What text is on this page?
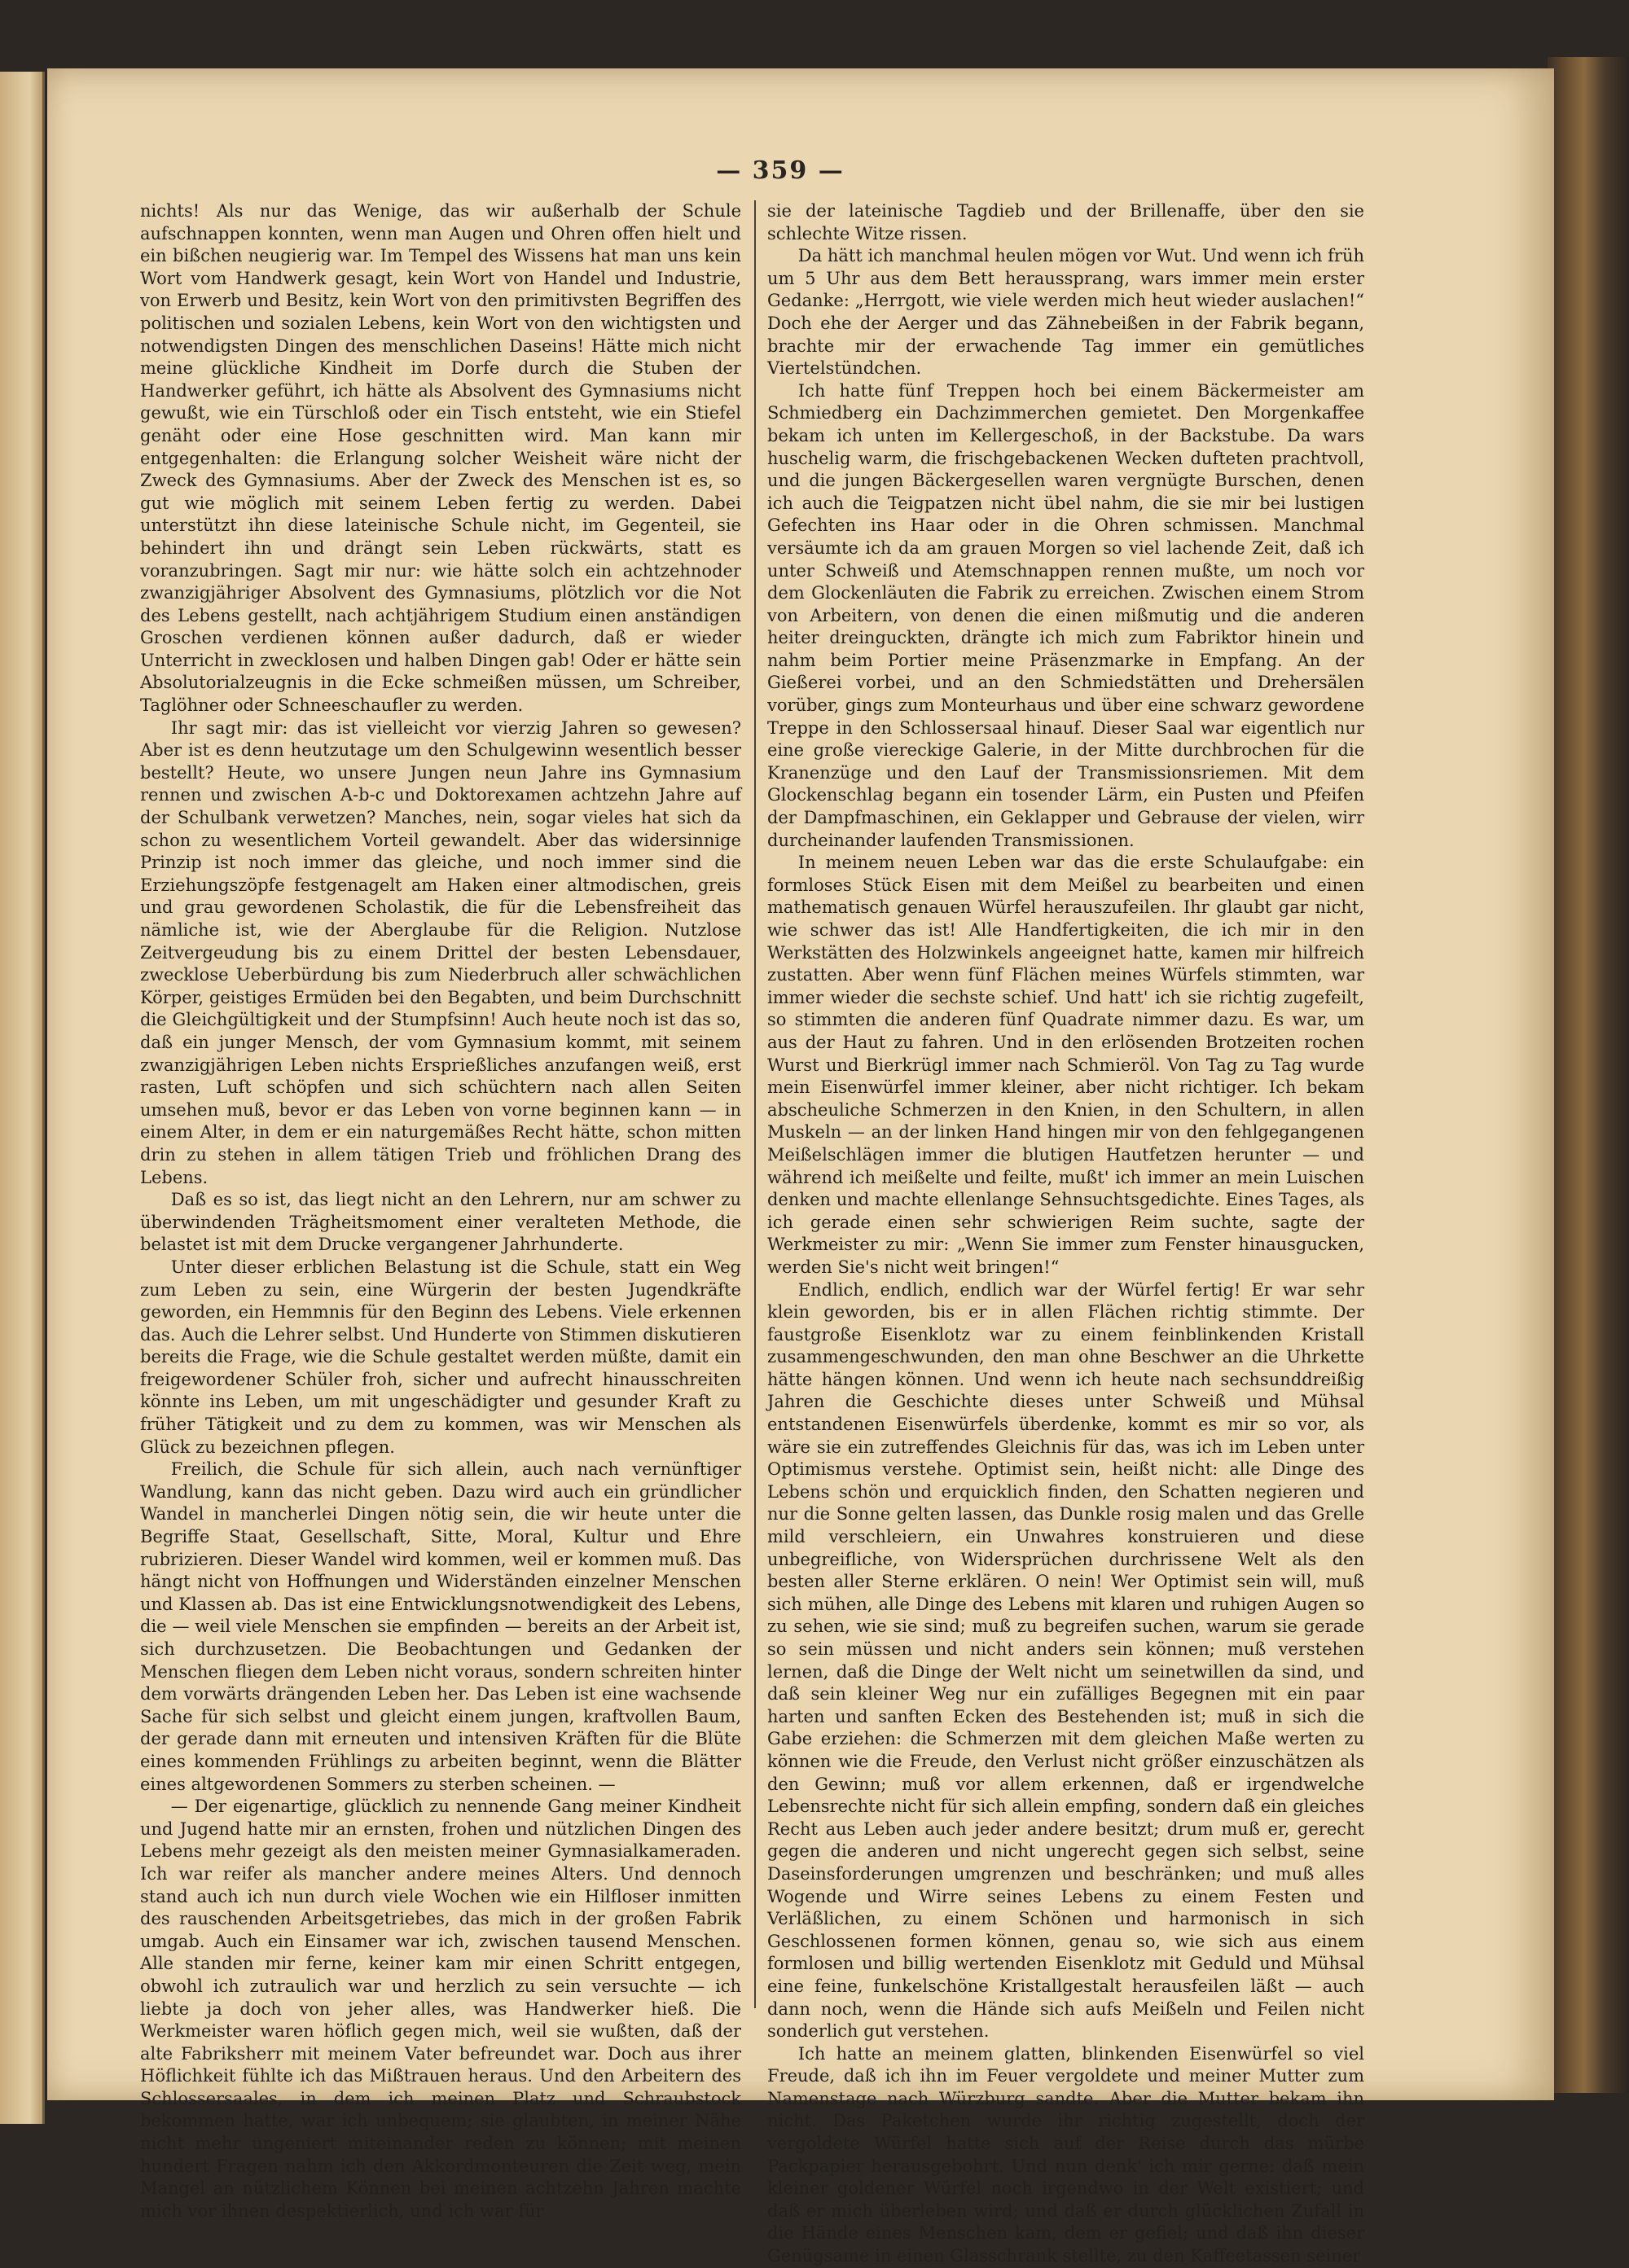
— 359 —

nichts! Als nur das Wenige, das wir außerhalb der Schule aufschnappen konnten, wenn man Augen und Ohren offen hielt und ein bißchen neugierig war. Im Tempel des Wissens hat man uns kein Wort vom Handwerk gesagt, kein Wort von Handel und Industrie, von Erwerb und Besitz, kein Wort von den primitivsten Begriffen des politischen und sozialen Lebens, kein Wort von den wichtigsten und notwendigsten Dingen des menschlichen Daseins! Hätte mich nicht meine glückliche Kindheit im Dorfe durch die Stuben der Handwerker geführt, ich hätte als Absolvent des Gymnasiums nicht gewußt, wie ein Türschloß oder ein Tisch entsteht, wie ein Stiefel genäht oder eine Hose geschnitten wird. Man kann mir entgegenhalten: die Erlangung solcher Weisheit wäre nicht der Zweck des Gymnasiums. Aber der Zweck des Menschen ist es, so gut wie möglich mit seinem Leben fertig zu werden. Dabei unterstützt ihn diese lateinische Schule nicht, im Gegenteil, sie behindert ihn und drängt sein Leben rückwärts, statt es voranzubringen. Sagt mir nur: wie hätte solch ein achtzehnoder zwanzigjähriger Absolvent des Gymnasiums, plötzlich vor die Not des Lebens gestellt, nach achtjährigem Studium einen anständigen Groschen verdienen können außer dadurch, daß er wieder Unterricht in zwecklosen und halben Dingen gab! Oder er hätte sein Absolutorialzeugnis in die Ecke schmeißen müssen, um Schreiber, Taglöhner oder Schneeschaufler zu werden.

Ihr sagt mir: das ist vielleicht vor vierzig Jahren so gewesen? Aber ist es denn heutzutage um den Schulgewinn wesentlich besser bestellt? Heute, wo unsere Jungen neun Jahre ins Gymnasium rennen und zwischen A-b-c und Doktorexamen achtzehn Jahre auf der Schulbank verwetzen? Manches, nein, sogar vieles hat sich da schon zu wesentlichem Vorteil gewandelt. Aber das widersinnige Prinzip ist noch immer das gleiche, und noch immer sind die Erziehungszöpfe festgenagelt am Haken einer altmodischen, greis und grau gewordenen Scholastik, die für die Lebensfreiheit das nämliche ist, wie der Aberglaube für die Religion. Nutzlose Zeitvergeudung bis zu einem Drittel der besten Lebensdauer, zwecklose Ueberbürdung bis zum Niederbruch aller schwächlichen Körper, geistiges Ermüden bei den Begabten, und beim Durchschnitt die Gleichgültigkeit und der Stumpfsinn! Auch heute noch ist das so, daß ein junger Mensch, der vom Gymnasium kommt, mit seinem zwanzigjährigen Leben nichts Ersprießliches anzufangen weiß, erst rasten, Luft schöpfen und sich schüchtern nach allen Seiten umsehen muß, bevor er das Leben von vorne beginnen kann — in einem Alter, in dem er ein naturgemäßes Recht hätte, schon mitten drin zu stehen in allem tätigen Trieb und fröhlichen Drang des Lebens.

Daß es so ist, das liegt nicht an den Lehrern, nur am schwer zu überwindenden Trägheitsmoment einer veralteten Methode, die belastet ist mit dem Drucke vergangener Jahrhunderte.

Unter dieser erblichen Belastung ist die Schule, statt ein Weg zum Leben zu sein, eine Würgerin der besten Jugendkräfte geworden, ein Hemmnis für den Beginn des Lebens. Viele erkennen das. Auch die Lehrer selbst. Und Hunderte von Stimmen diskutieren bereits die Frage, wie die Schule gestaltet werden müßte, damit ein freigewordener Schüler froh, sicher und aufrecht hinausschreiten könnte ins Leben, um mit ungeschädigter und gesunder Kraft zu früher Tätigkeit und zu dem zu kommen, was wir Menschen als Glück zu bezeichnen pflegen.

Freilich, die Schule für sich allein, auch nach vernünftiger Wandlung, kann das nicht geben. Dazu wird auch ein gründlicher Wandel in mancherlei Dingen nötig sein, die wir heute unter die Begriffe Staat, Gesellschaft, Sitte, Moral, Kultur und Ehre rubrizieren. Dieser Wandel wird kommen, weil er kommen muß. Das hängt nicht von Hoffnungen und Widerständen einzelner Menschen und Klassen ab. Das ist eine Entwicklungsnotwendigkeit des Lebens, die — weil viele Menschen sie empfinden — bereits an der Arbeit ist, sich durchzusetzen. Die Beobachtungen und Gedanken der Menschen fliegen dem Leben nicht voraus, sondern schreiten hinter dem vorwärts drängenden Leben her. Das Leben ist eine wachsende Sache für sich selbst und gleicht einem jungen, kraftvollen Baum, der gerade dann mit erneuten und intensiven Kräften für die Blüte eines kommenden Frühlings zu arbeiten beginnt, wenn die Blätter eines altgewordenen Sommers zu sterben scheinen. —

— Der eigenartige, glücklich zu nennende Gang meiner Kindheit und Jugend hatte mir an ernsten, frohen und nützlichen Dingen des Lebens mehr gezeigt als den meisten meiner Gymnasialkameraden. Ich war reifer als mancher andere meines Alters. Und dennoch stand auch ich nun durch viele Wochen wie ein Hilfloser inmitten des rauschenden Arbeitsgetriebes, das mich in der großen Fabrik umgab. Auch ein Einsamer war ich, zwischen tausend Menschen. Alle standen mir ferne, keiner kam mir einen Schritt entgegen, obwohl ich zutraulich war und herzlich zu sein versuchte — ich liebte ja doch von jeher alles, was Handwerker hieß. Die Werkmeister waren höflich gegen mich, weil sie wußten, daß der alte Fabriksherr mit meinem Vater befreundet war. Doch aus ihrer Höflichkeit fühlte ich das Mißtrauen heraus. Und den Arbeitern des Schlossersaales, in dem ich meinen Platz und Schraubstock bekommen hatte, war ich unbequem; sie glaubten, in meiner Nähe nicht mehr ungeniert miteinander reden zu können; mit meinen hundert Fragen nahm ich den Akkordmonteuren die Zeit weg, mein Mangel an nützlichem Können bei meinen achtzehn Jahren machte mich vor ihnen despektierlich, und ich war für

sie der lateinische Tagdieb und der Brillenaffe, über den sie schlechte Witze rissen.

Da hätt ich manchmal heulen mögen vor Wut. Und wenn ich früh um 5 Uhr aus dem Bett heraussprang, wars immer mein erster Gedanke: „Herrgott, wie viele werden mich heut wieder auslachen!“ Doch ehe der Aerger und das Zähnebeißen in der Fabrik begann, brachte mir der erwachende Tag immer ein gemütliches Viertelstündchen.

Ich hatte fünf Treppen hoch bei einem Bäckermeister am Schmiedberg ein Dachzimmerchen gemietet. Den Morgenkaffee bekam ich unten im Kellergeschoß, in der Backstube. Da wars huschelig warm, die frischgebackenen Wecken dufteten prachtvoll, und die jungen Bäckergesellen waren vergnügte Burschen, denen ich auch die Teigpatzen nicht übel nahm, die sie mir bei lustigen Gefechten ins Haar oder in die Ohren schmissen. Manchmal versäumte ich da am grauen Morgen so viel lachende Zeit, daß ich unter Schweiß und Atemschnappen rennen mußte, um noch vor dem Glockenläuten die Fabrik zu erreichen. Zwischen einem Strom von Arbeitern, von denen die einen mißmutig und die anderen heiter dreinguckten, drängte ich mich zum Fabriktor hinein und nahm beim Portier meine Präsenzmarke in Empfang. An der Gießerei vorbei, und an den Schmiedstätten und Drehersälen vorüber, gings zum Monteurhaus und über eine schwarz gewordene Treppe in den Schlossersaal hinauf. Dieser Saal war eigentlich nur eine große viereckige Galerie, in der Mitte durchbrochen für die Kranenzüge und den Lauf der Transmissionsriemen. Mit dem Glockenschlag begann ein tosender Lärm, ein Pusten und Pfeifen der Dampfmaschinen, ein Geklapper und Gebrause der vielen, wirr durcheinander laufenden Transmissionen.

In meinem neuen Leben war das die erste Schulaufgabe: ein formloses Stück Eisen mit dem Meißel zu bearbeiten und einen mathematisch genauen Würfel herauszufeilen. Ihr glaubt gar nicht, wie schwer das ist! Alle Handfertigkeiten, die ich mir in den Werkstätten des Holzwinkels angeeignet hatte, kamen mir hilfreich zustatten. Aber wenn fünf Flächen meines Würfels stimmten, war immer wieder die sechste schief. Und hatt' ich sie richtig zugefeilt, so stimmten die anderen fünf Quadrate nimmer dazu. Es war, um aus der Haut zu fahren. Und in den erlösenden Brotzeiten rochen Wurst und Bierkrügl immer nach Schmieröl. Von Tag zu Tag wurde mein Eisenwürfel immer kleiner, aber nicht richtiger. Ich bekam abscheuliche Schmerzen in den Knien, in den Schultern, in allen Muskeln — an der linken Hand hingen mir von den fehlgegangenen Meißelschlägen immer die blutigen Hautfetzen herunter — und während ich meißelte und feilte, mußt' ich immer an mein Luischen denken und machte ellenlange Sehnsuchtsgedichte. Eines Tages, als ich gerade einen sehr schwierigen Reim suchte, sagte der Werkmeister zu mir: „Wenn Sie immer zum Fenster hinausgucken, werden Sie's nicht weit bringen!“

Endlich, endlich, endlich war der Würfel fertig! Er war sehr klein geworden, bis er in allen Flächen richtig stimmte. Der faustgroße Eisenklotz war zu einem feinblinkenden Kristall zusammengeschwunden, den man ohne Beschwer an die Uhrkette hätte hängen können. Und wenn ich heute nach sechsunddreißig Jahren die Geschichte dieses unter Schweiß und Mühsal entstandenen Eisenwürfels überdenke, kommt es mir so vor, als wäre sie ein zutreffendes Gleichnis für das, was ich im Leben unter Optimismus verstehe. Optimist sein, heißt nicht: alle Dinge des Lebens schön und erquicklich finden, den Schatten negieren und nur die Sonne gelten lassen, das Dunkle rosig malen und das Grelle mild verschleiern, ein Unwahres konstruieren und diese unbegreifliche, von Widersprüchen durchrissene Welt als den besten aller Sterne erklären. O nein! Wer Optimist sein will, muß sich mühen, alle Dinge des Lebens mit klaren und ruhigen Augen so zu sehen, wie sie sind; muß zu begreifen suchen, warum sie gerade so sein müssen und nicht anders sein können; muß verstehen lernen, daß die Dinge der Welt nicht um seinetwillen da sind, und daß sein kleiner Weg nur ein zufälliges Begegnen mit ein paar harten und sanften Ecken des Bestehenden ist; muß in sich die Gabe erziehen: die Schmerzen mit dem gleichen Maße werten zu können wie die Freude, den Verlust nicht größer einzuschätzen als den Gewinn; muß vor allem erkennen, daß er irgendwelche Lebensrechte nicht für sich allein empfing, sondern daß ein gleiches Recht aus Leben auch jeder andere besitzt; drum muß er, gerecht gegen die anderen und nicht ungerecht gegen sich selbst, seine Daseinsforderungen umgrenzen und beschränken; und muß alles Wogende und Wirre seines Lebens zu einem Festen und Verläßlichen, zu einem Schönen und harmonisch in sich Geschlossenen formen können, genau so, wie sich aus einem formlosen und billig wertenden Eisenklotz mit Geduld und Mühsal eine feine, funkelschöne Kristallgestalt herausfeilen läßt — auch dann noch, wenn die Hände sich aufs Meißeln und Feilen nicht sonderlich gut verstehen.

Ich hatte an meinem glatten, blinkenden Eisenwürfel so viel Freude, daß ich ihn im Feuer vergoldete und meiner Mutter zum Namenstage nach Würzburg sandte. Aber die Mutter bekam ihn nicht. Das Paketchen wurde ihr richtig zugestellt, doch der vergoldete Würfel hatte sich auf der Reise durch das mürbe Packpapier herausgebohrt. Und nun denk' ich mir gerne: daß mein kleiner goldener Würfel noch irgendwo in der Welt existiert; und daß er mich überleben wird; und daß er durch glücklichen Zufall in die Hände eines Menschen kam, dem er gefiel; und daß ihn dieser Genügsame in einen Glasschrank stellte, zu den Kaffeetassen seiner
